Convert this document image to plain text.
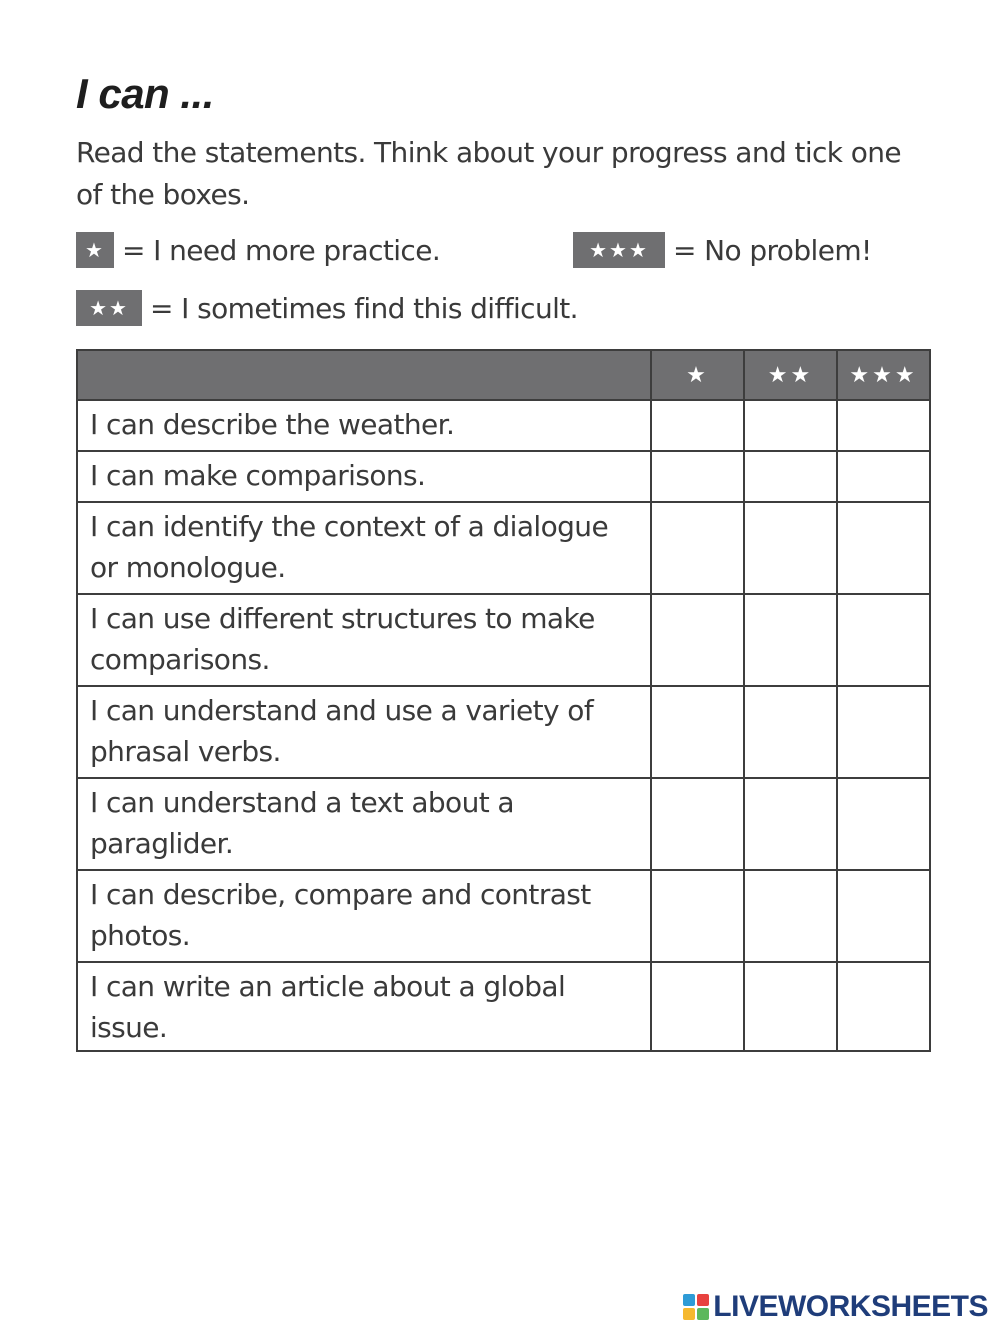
I can ...

Read the statements. Think about your progress and tick one of the boxes.

★ = I need more practice.	★★★ = No problem!
★★ = I sometimes find this difficult.
	★	★★	★★★
I can describe the weather.			
I can make comparisons.			
I can identify the context of a dialogue or monologue.			
I can use different structures to make comparisons.			
I can understand and use a variety of phrasal verbs.			
I can understand a text about a paraglider.			
I can describe, compare and contrast photos.			
I can write an article about a global issue.			
LIVEWORKSHEETS
